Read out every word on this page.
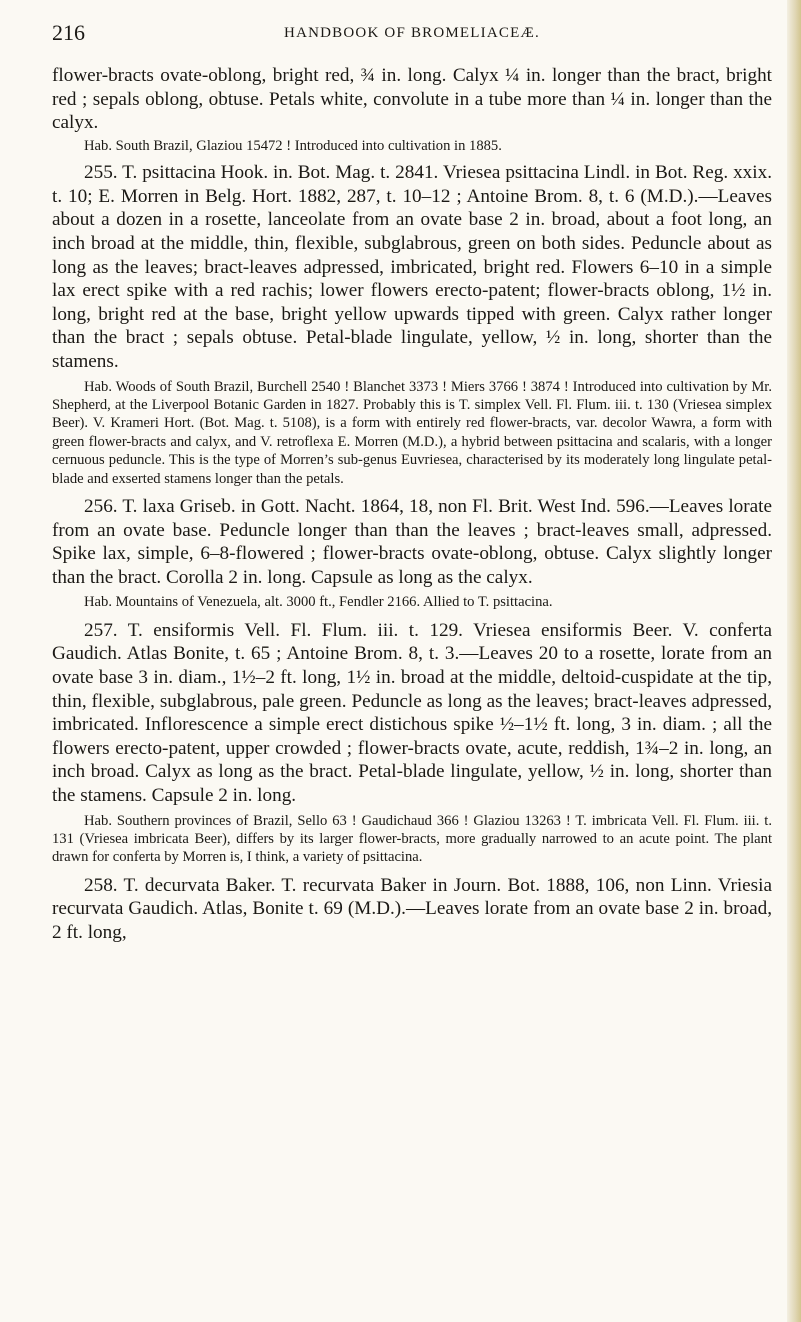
216	HANDBOOK OF BROMELIACEÆ.

flower-bracts ovate-oblong, bright red, ¾ in. long. Calyx ¼ in. longer than the bract, bright red ; sepals oblong, obtuse. Petals white, convolute in a tube more than ¼ in. longer than the calyx.

Hab. South Brazil, Glaziou 15472 ! Introduced into cultivation in 1885.

255. T. psittacina Hook. in. Bot. Mag. t. 2841. Vriesea psittacina Lindl. in Bot. Reg. xxix. t. 10; E. Morren in Belg. Hort. 1882, 287, t. 10–12 ; Antoine Brom. 8, t. 6 (M.D.).—Leaves about a dozen in a rosette, lanceolate from an ovate base 2 in. broad, about a foot long, an inch broad at the middle, thin, flexible, subglabrous, green on both sides. Peduncle about as long as the leaves; bract-leaves adpressed, imbricated, bright red. Flowers 6–10 in a simple lax erect spike with a red rachis; lower flowers erecto-patent; flower-bracts oblong, 1½ in. long, bright red at the base, bright yellow upwards tipped with green. Calyx rather longer than the bract ; sepals obtuse. Petal-blade lingulate, yellow, ½ in. long, shorter than the stamens.

Hab. Woods of South Brazil, Burchell 2540 ! Blanchet 3373 ! Miers 3766 ! 3874 ! Introduced into cultivation by Mr. Shepherd, at the Liverpool Botanic Garden in 1827. Probably this is T. simplex Vell. Fl. Flum. iii. t. 130 (Vriesea simplex Beer). V. Krameri Hort. (Bot. Mag. t. 5108), is a form with entirely red flower-bracts, var. decolor Wawra, a form with green flower-bracts and calyx, and V. retroflexa E. Morren (M.D.), a hybrid between psittacina and scalaris, with a longer cernuous peduncle. This is the type of Morren’s sub-genus Euvriesea, characterised by its moderately long lingulate petal-blade and exserted stamens longer than the petals.

256. T. laxa Griseb. in Gott. Nacht. 1864, 18, non Fl. Brit. West Ind. 596.—Leaves lorate from an ovate base. Peduncle longer than than the leaves ; bract-leaves small, adpressed. Spike lax, simple, 6–8-flowered ; flower-bracts ovate-oblong, obtuse. Calyx slightly longer than the bract. Corolla 2 in. long. Capsule as long as the calyx.

Hab. Mountains of Venezuela, alt. 3000 ft., Fendler 2166. Allied to T. psittacina.

257. T. ensiformis Vell. Fl. Flum. iii. t. 129. Vriesea ensiformis Beer. V. conferta Gaudich. Atlas Bonite, t. 65 ; Antoine Brom. 8, t. 3.—Leaves 20 to a rosette, lorate from an ovate base 3 in. diam., 1½–2 ft. long, 1½ in. broad at the middle, deltoid-cuspidate at the tip, thin, flexible, subglabrous, pale green. Peduncle as long as the leaves; bract-leaves adpressed, imbricated. Inflorescence a simple erect distichous spike ½–1½ ft. long, 3 in. diam. ; all the flowers erecto-patent, upper crowded ; flower-bracts ovate, acute, reddish, 1¾–2 in. long, an inch broad. Calyx as long as the bract. Petal-blade lingulate, yellow, ½ in. long, shorter than the stamens. Capsule 2 in. long.

Hab. Southern provinces of Brazil, Sello 63 ! Gaudichaud 366 ! Glaziou 13263 ! T. imbricata Vell. Fl. Flum. iii. t. 131 (Vriesea imbricata Beer), differs by its larger flower-bracts, more gradually narrowed to an acute point. The plant drawn for conferta by Morren is, I think, a variety of psittacina.

258. T. decurvata Baker. T. recurvata Baker in Journ. Bot. 1888, 106, non Linn. Vriesia recurvata Gaudich. Atlas, Bonite t. 69 (M.D.).—Leaves lorate from an ovate base 2 in. broad, 2 ft. long,
